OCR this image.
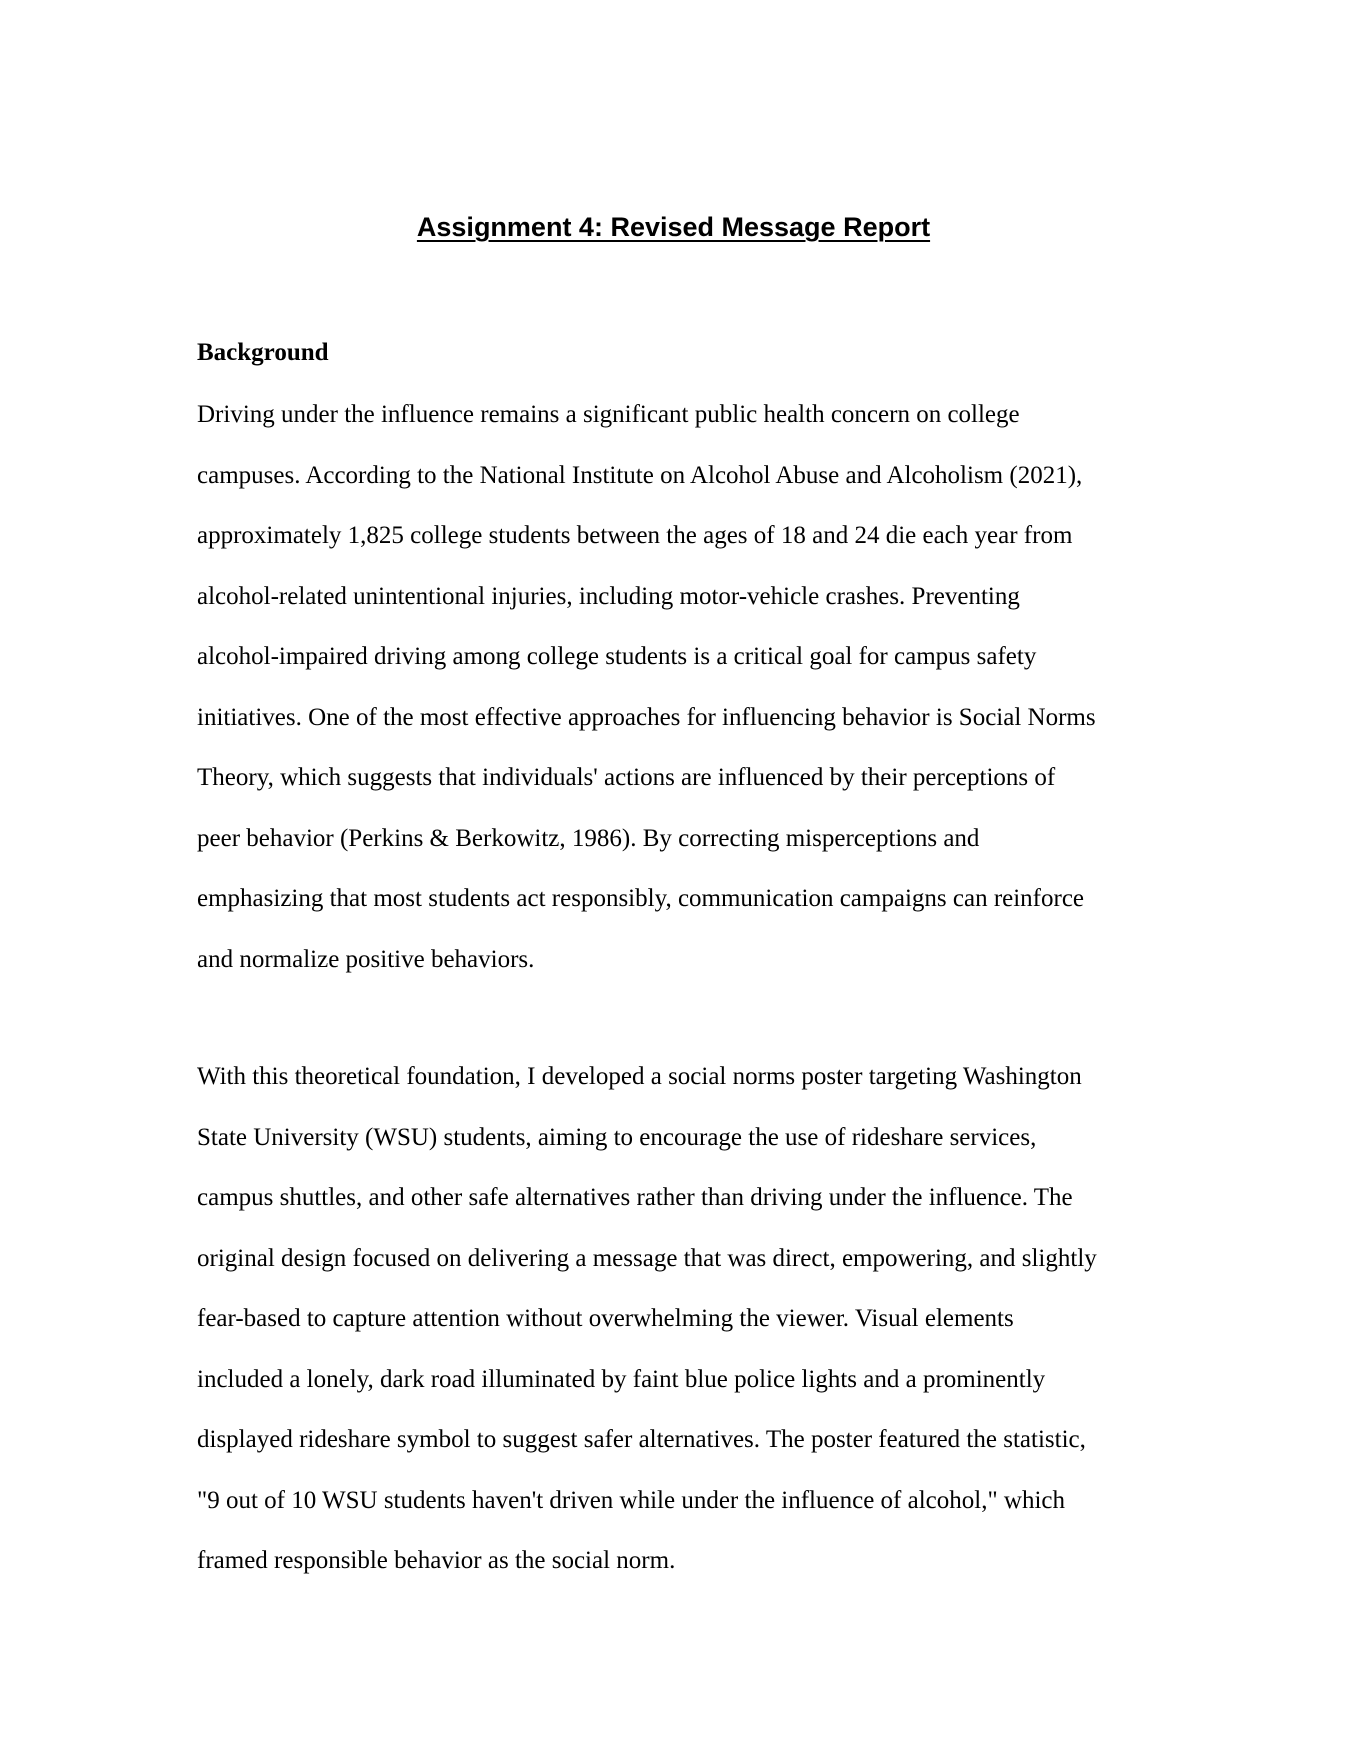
Assignment 4: Revised Message Report
Background

Driving under the influence remains a significant public health concern on college
campuses. According to the National Institute on Alcohol Abuse and Alcoholism (2021),
approximately 1,825 college students between the ages of 18 and 24 die each year from
alcohol-related unintentional injuries, including motor-vehicle crashes. Preventing
alcohol-impaired driving among college students is a critical goal for campus safety
initiatives. One of the most effective approaches for influencing behavior is Social Norms
Theory, which suggests that individuals' actions are influenced by their perceptions of
peer behavior (Perkins & Berkowitz, 1986). By correcting misperceptions and
emphasizing that most students act responsibly, communication campaigns can reinforce
and normalize positive behaviors.

With this theoretical foundation, I developed a social norms poster targeting Washington
State University (WSU) students, aiming to encourage the use of rideshare services,
campus shuttles, and other safe alternatives rather than driving under the influence. The
original design focused on delivering a message that was direct, empowering, and slightly
fear-based to capture attention without overwhelming the viewer. Visual elements
included a lonely, dark road illuminated by faint blue police lights and a prominently
displayed rideshare symbol to suggest safer alternatives. The poster featured the statistic,
"9 out of 10 WSU students haven't driven while under the influence of alcohol," which
framed responsible behavior as the social norm.
